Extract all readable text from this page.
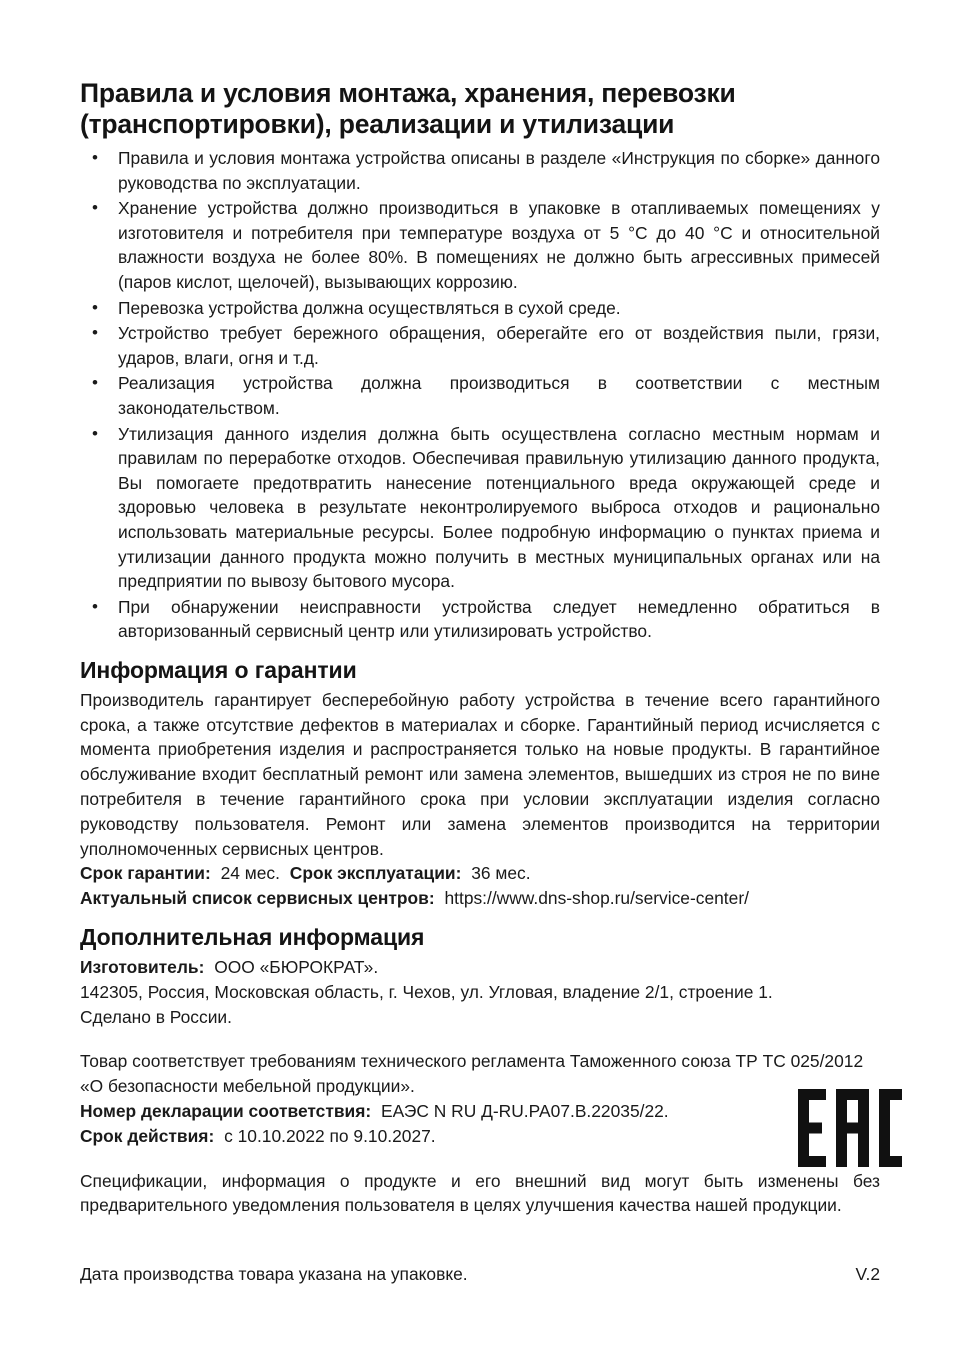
Правила и условия монтажа, хранения, перевозки (транспортировки), реализации и утилизации
• Правила и условия монтажа устройства описаны в разделе «Инструкция по сборке» данного руководства по эксплуатации.
• Хранение устройства должно производиться в упаковке в отапливаемых помещениях у изготовителя и потребителя при температуре воздуха от 5 °C до 40 °C и относительной влажности воздуха не более 80%. В помещениях не должно быть агрессивных примесей (паров кислот, щелочей), вызывающих коррозию.
• Перевозка устройства должна осуществляться в сухой среде.
• Устройство требует бережного обращения, оберегайте его от воздействия пыли, грязи, ударов, влаги, огня и т.д.
• Реализация устройства должна производиться в соответствии с местным законодательством.
• Утилизация данного изделия должна быть осуществлена согласно местным нормам и правилам по переработке отходов. Обеспечивая правильную утилизацию данного продукта, Вы помогаете предотвратить нанесение потенциального вреда окружающей среде и здоровью человека в результате неконтролируемого выброса отходов и рационально использовать материальные ресурсы. Более подробную информацию о пунктах приема и утилизации данного продукта можно получить в местных муниципальных органах или на предприятии по вывозу бытового мусора.
• При обнаружении неисправности устройства следует немедленно обратиться в авторизованный сервисный центр или утилизировать устройство.
Информация о гарантии

Производитель гарантирует бесперебойную работу устройства в течение всего гарантийного срока, а также отсутствие дефектов в материалах и сборке. Гарантийный период исчисляется с момента приобретения изделия и распространяется только на новые продукты. В гарантийное обслуживание входит бесплатный ремонт или замена элементов, вышедших из строя не по вине потребителя в течение гарантийного срока при условии эксплуатации изделия согласно руководству пользователя. Ремонт или замена элементов производится на территории уполномоченных сервисных центров.

Срок гарантии: 24 мес. Срок эксплуатации: 36 мес.
Актуальный список сервисных центров: https://www.dns-shop.ru/service-center/
Дополнительная информация
Изготовитель: ООО «БЮРОКРАТ».
142305, Россия, Московская область, г. Чехов, ул. Угловая, владение 2/1, строение 1.
Сделано в России.

Товар соответствует требованиям технического регламента Таможенного союза ТР ТС 025/2012 «О безопасности мебельной продукции».

Номер декларации соответствия: ЕАЭС N RU Д-RU.РА07.В.22035/22.
Срок действия: с 10.10.2022 по 9.10.2027.

Спецификации, информация о продукте и его внешний вид могут быть изменены без предварительного уведомления пользователя в целях улучшения качества нашей продукции.

Дата производства товара указана на упаковке.	V.2
